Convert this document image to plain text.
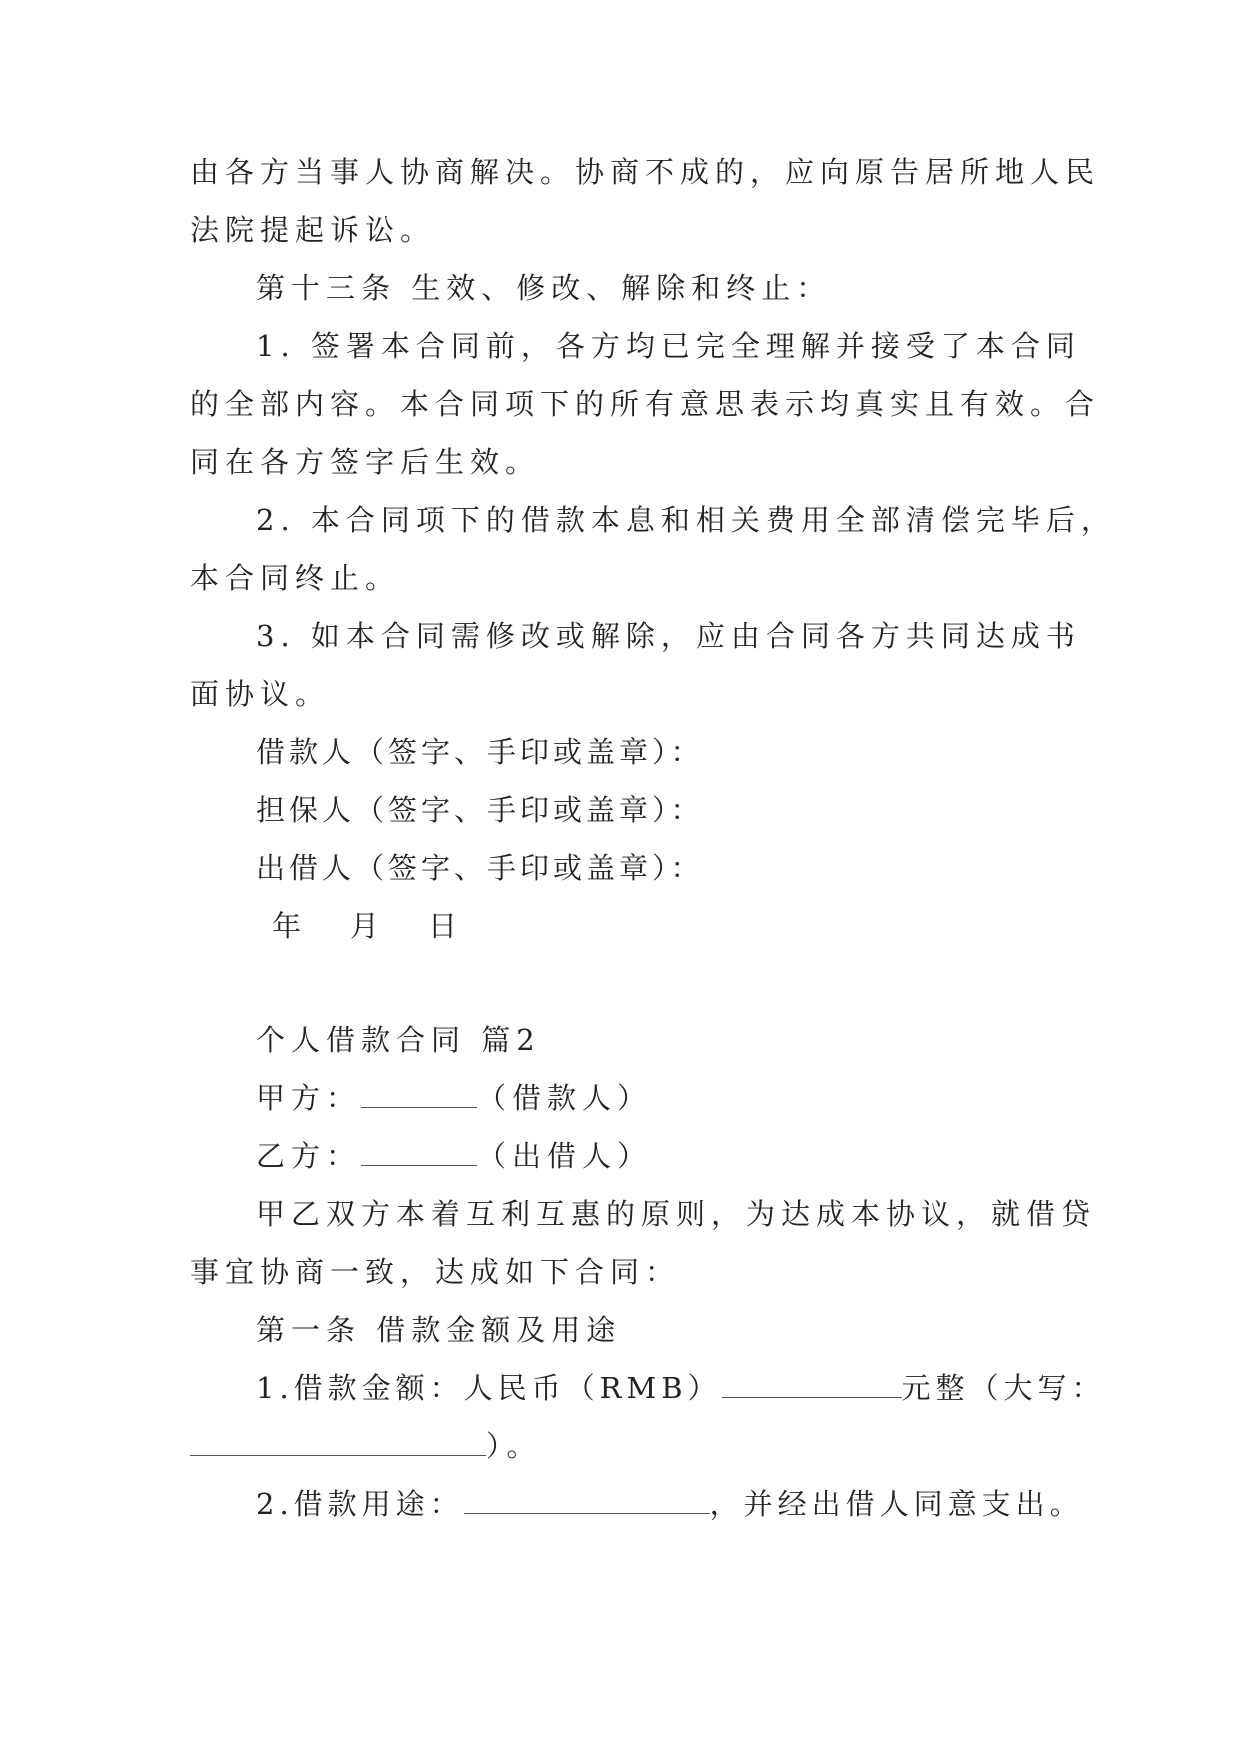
由各方当事人协商解决。协商不成的，应向原告居所地人民
法院提起诉讼。
第十三条 生效、修改、解除和终止：
1. 签署本合同前，各方均已完全理解并接受了本合同
的全部内容。本合同项下的所有意思表示均真实且有效。合
同在各方签字后生效。
2. 本合同项下的借款本息和相关费用全部清偿完毕后，
本合同终止。
3. 如本合同需修改或解除，应由合同各方共同达成书
面协议。
借款人（签字、手印或盖章）：
担保人（签字、手印或盖章）：
出借人（签字、手印或盖章）：
年　月　日
个人借款合同 篇2
甲方：	（借款人）
乙方：	（出借人）
甲乙双方本着互利互惠的原则，为达成本协议，就借贷
事宜协商一致，达成如下合同：
第一条 借款金额及用途
1.借款金额：人民币（RMB）	元整（大写：
）。
2.借款用途：	，并经出借人同意支出。
